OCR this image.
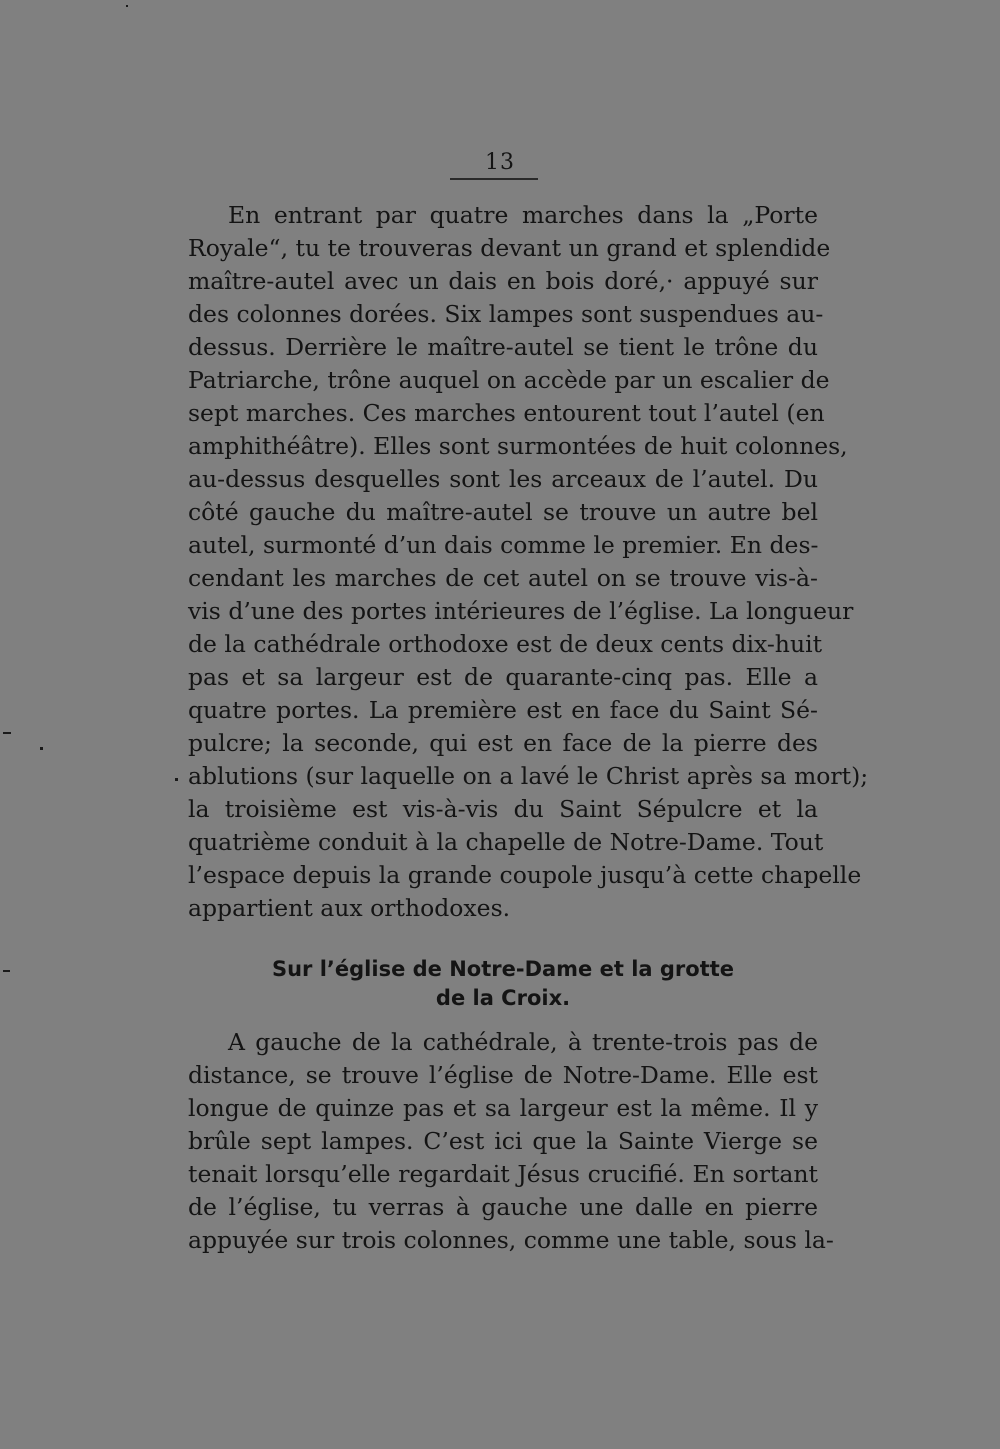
13
En entrant par quatre marches dans la „Porte
Royale“, tu te trouveras devant un grand et splendide
maître-autel avec un dais en bois doré,· appuyé sur
des colonnes dorées. Six lampes sont suspendues au-
dessus. Derrière le maître-autel se tient le trône du
Patriarche, trône auquel on accède par un escalier de
sept marches. Ces marches entourent tout l’autel (en
amphithéâtre). Elles sont surmontées de huit colonnes,
au-dessus desquelles sont les arceaux de l’autel. Du
côté gauche du maître-autel se trouve un autre bel
autel, surmonté d’un dais comme le premier. En des-
cendant les marches de cet autel on se trouve vis-à-
vis d’une des portes intérieures de l’église. La longueur
de la cathédrale orthodoxe est de deux cents dix-huit
pas et sa largeur est de quarante-cinq pas. Elle a
quatre portes. La première est en face du Saint Sé-
pulcre; la seconde, qui est en face de la pierre des
ablutions (sur laquelle on a lavé le Christ après sa mort);
la troisième est vis-à-vis du Saint Sépulcre et la
quatrième conduit à la chapelle de Notre-Dame. Tout
l’espace depuis la grande coupole jusqu’à cette chapelle
appartient aux orthodoxes.
Sur l’église de Notre-Dame et la grotte
de la Croix.
A gauche de la cathédrale, à trente-trois pas de
distance, se trouve l’église de Notre-Dame. Elle est
longue de quinze pas et sa largeur est la même. Il y
brûle sept lampes. C’est ici que la Sainte Vierge se
tenait lorsqu’elle regardait Jésus crucifié. En sortant
de l’église, tu verras à gauche une dalle en pierre
appuyée sur trois colonnes, comme une table, sous la-
